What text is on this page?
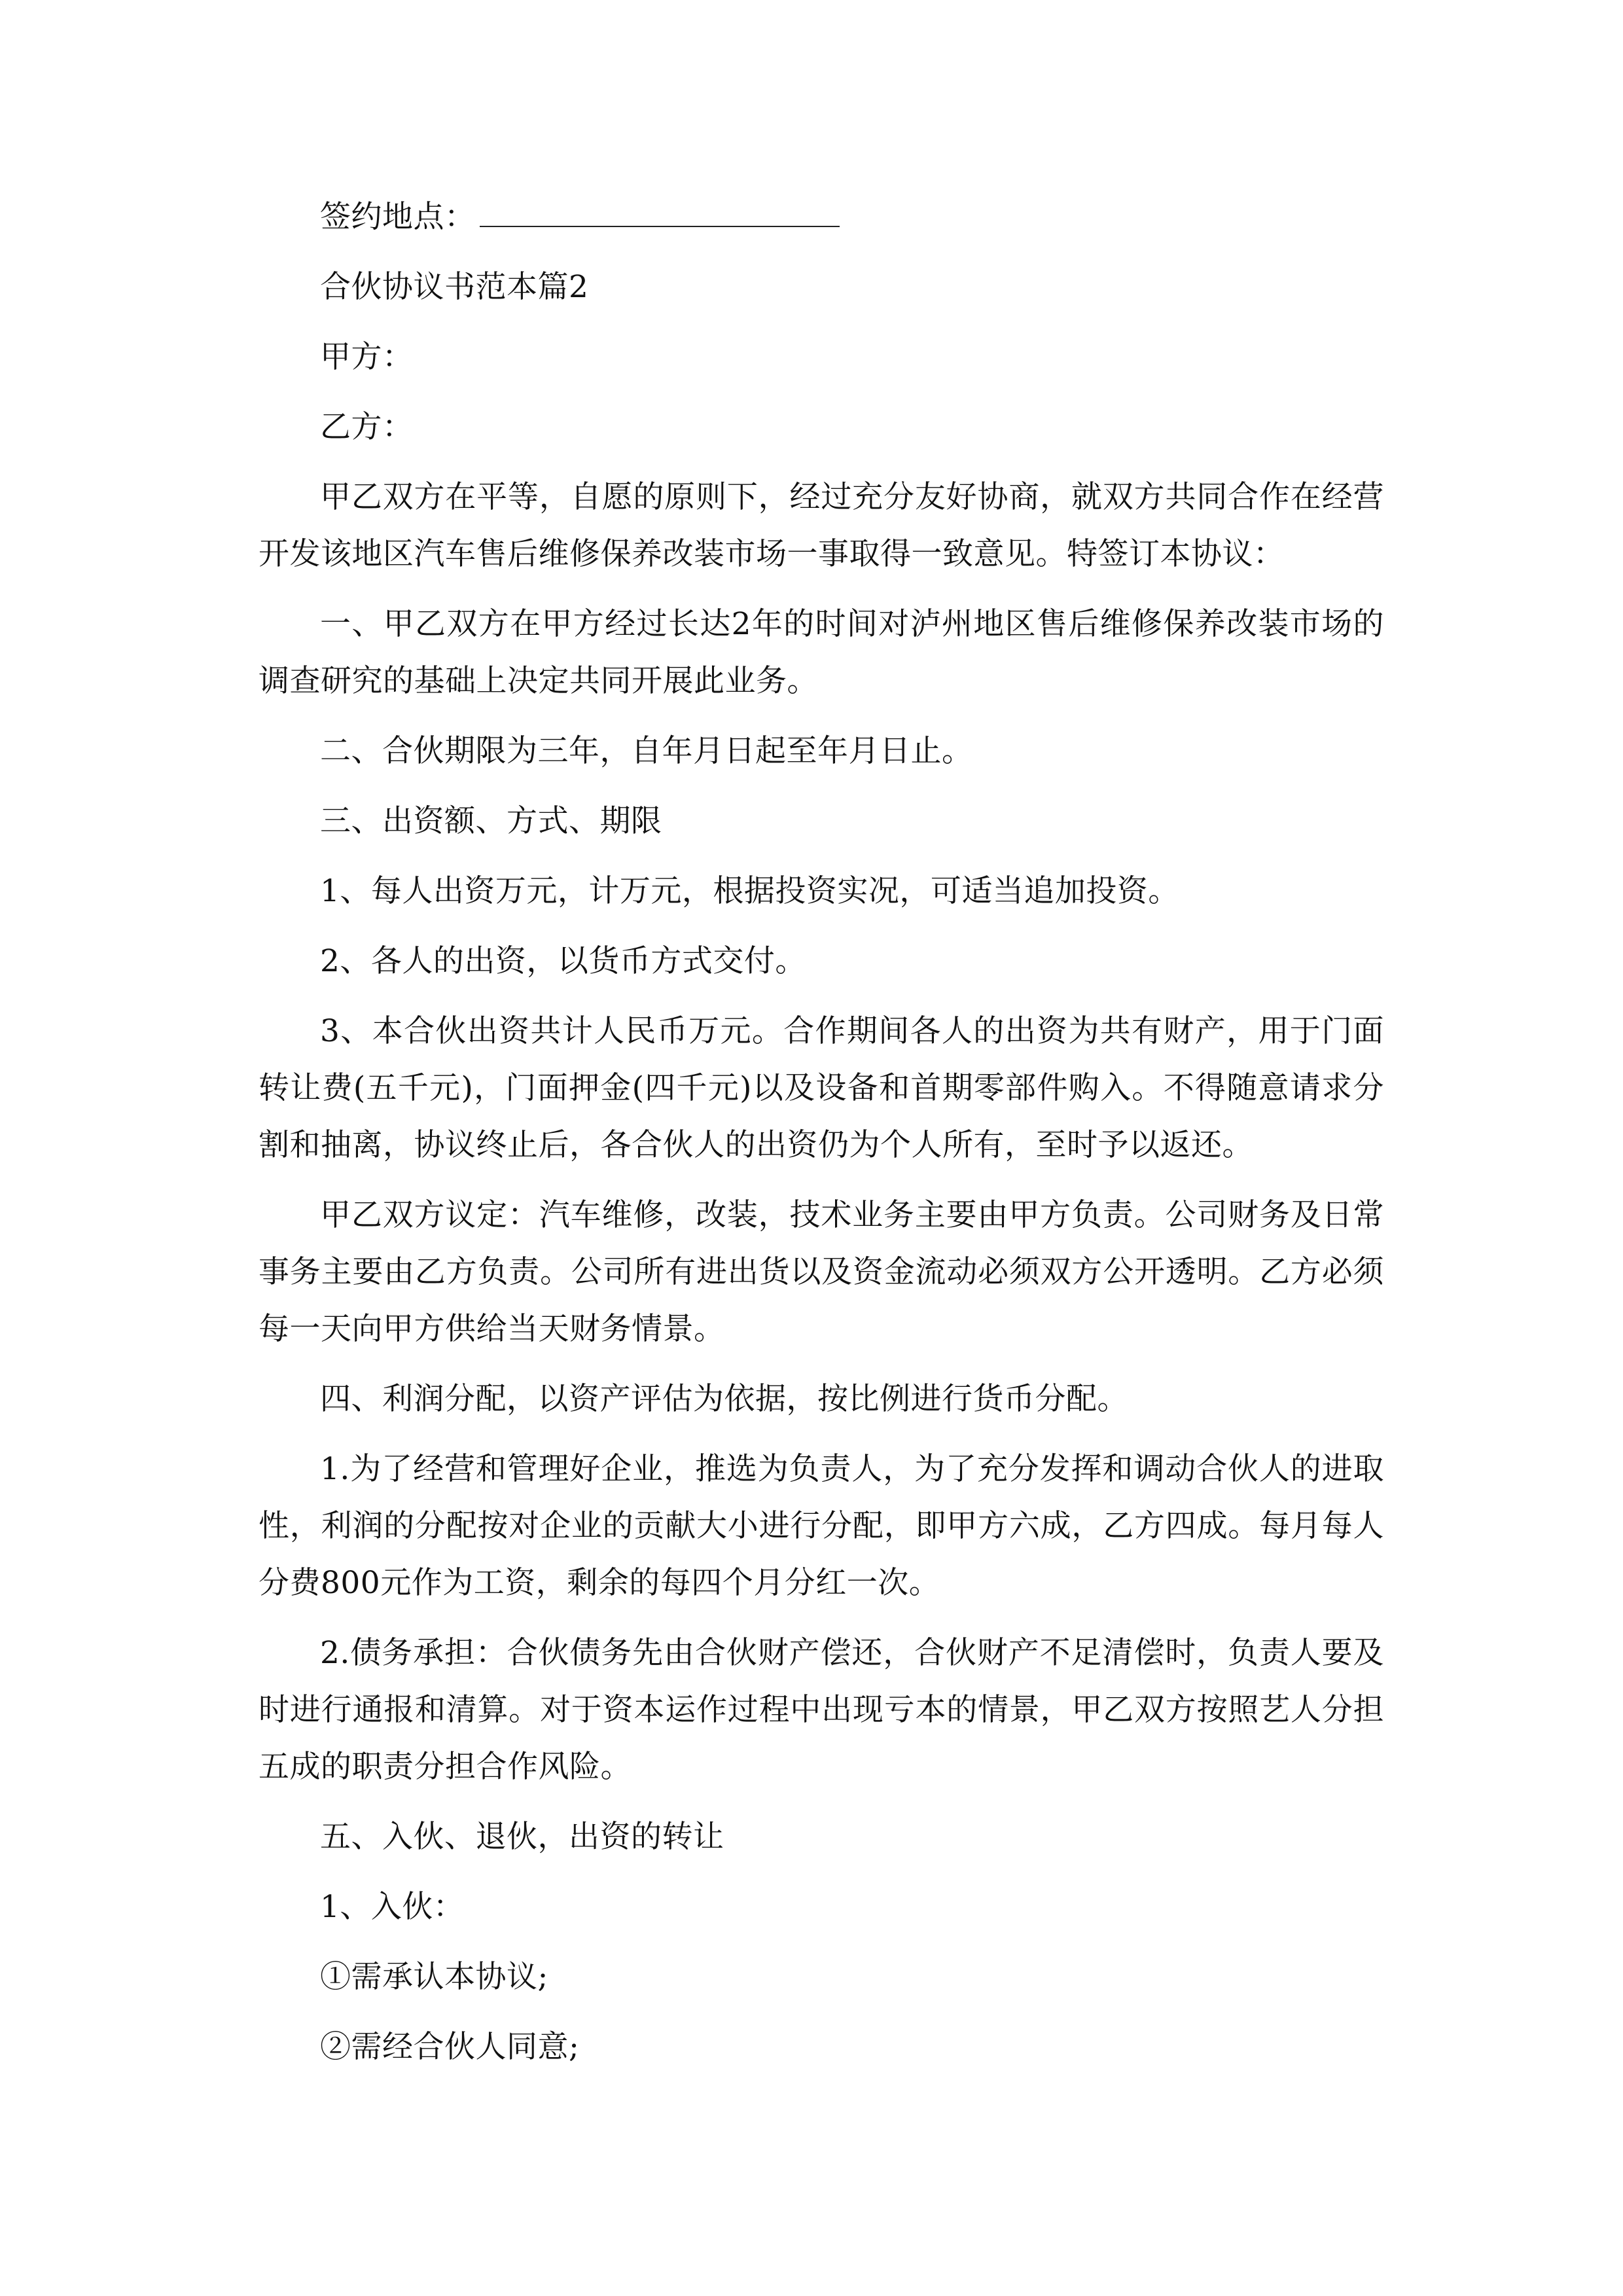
签约地点：

合伙协议书范本篇2

甲方：

乙方：

甲乙双方在平等，自愿的原则下，经过充分友好协商，就双方共同合作在经营开发该地区汽车售后维修保养改装市场一事取得一致意见。特签订本协议：

一、甲乙双方在甲方经过长达2年的时间对泸州地区售后维修保养改装市场的调查研究的基础上决定共同开展此业务。

二、合伙期限为三年，自年月日起至年月日止。

三、出资额、方式、期限

1、每人出资万元，计万元，根据投资实况，可适当追加投资。

2、各人的出资，以货币方式交付。

3、本合伙出资共计人民币万元。合作期间各人的出资为共有财产，用于门面转让费(五千元)，门面押金(四千元)以及设备和首期零部件购入。不得随意请求分割和抽离，协议终止后，各合伙人的出资仍为个人所有，至时予以返还。

甲乙双方议定：汽车维修，改装，技术业务主要由甲方负责。公司财务及日常事务主要由乙方负责。公司所有进出货以及资金流动必须双方公开透明。乙方必须每一天向甲方供给当天财务情景。

四、利润分配，以资产评估为依据，按比例进行货币分配。

1.为了经营和管理好企业，推选为负责人，为了充分发挥和调动合伙人的进取性，利润的分配按对企业的贡献大小进行分配，即甲方六成，乙方四成。每月每人分费800元作为工资，剩余的每四个月分红一次。

2.债务承担：合伙债务先由合伙财产偿还，合伙财产不足清偿时，负责人要及时进行通报和清算。对于资本运作过程中出现亏本的情景，甲乙双方按照艺人分担五成的职责分担合作风险。

五、入伙、退伙，出资的转让

1、入伙：

①需承认本协议;

②需经合伙人同意;
